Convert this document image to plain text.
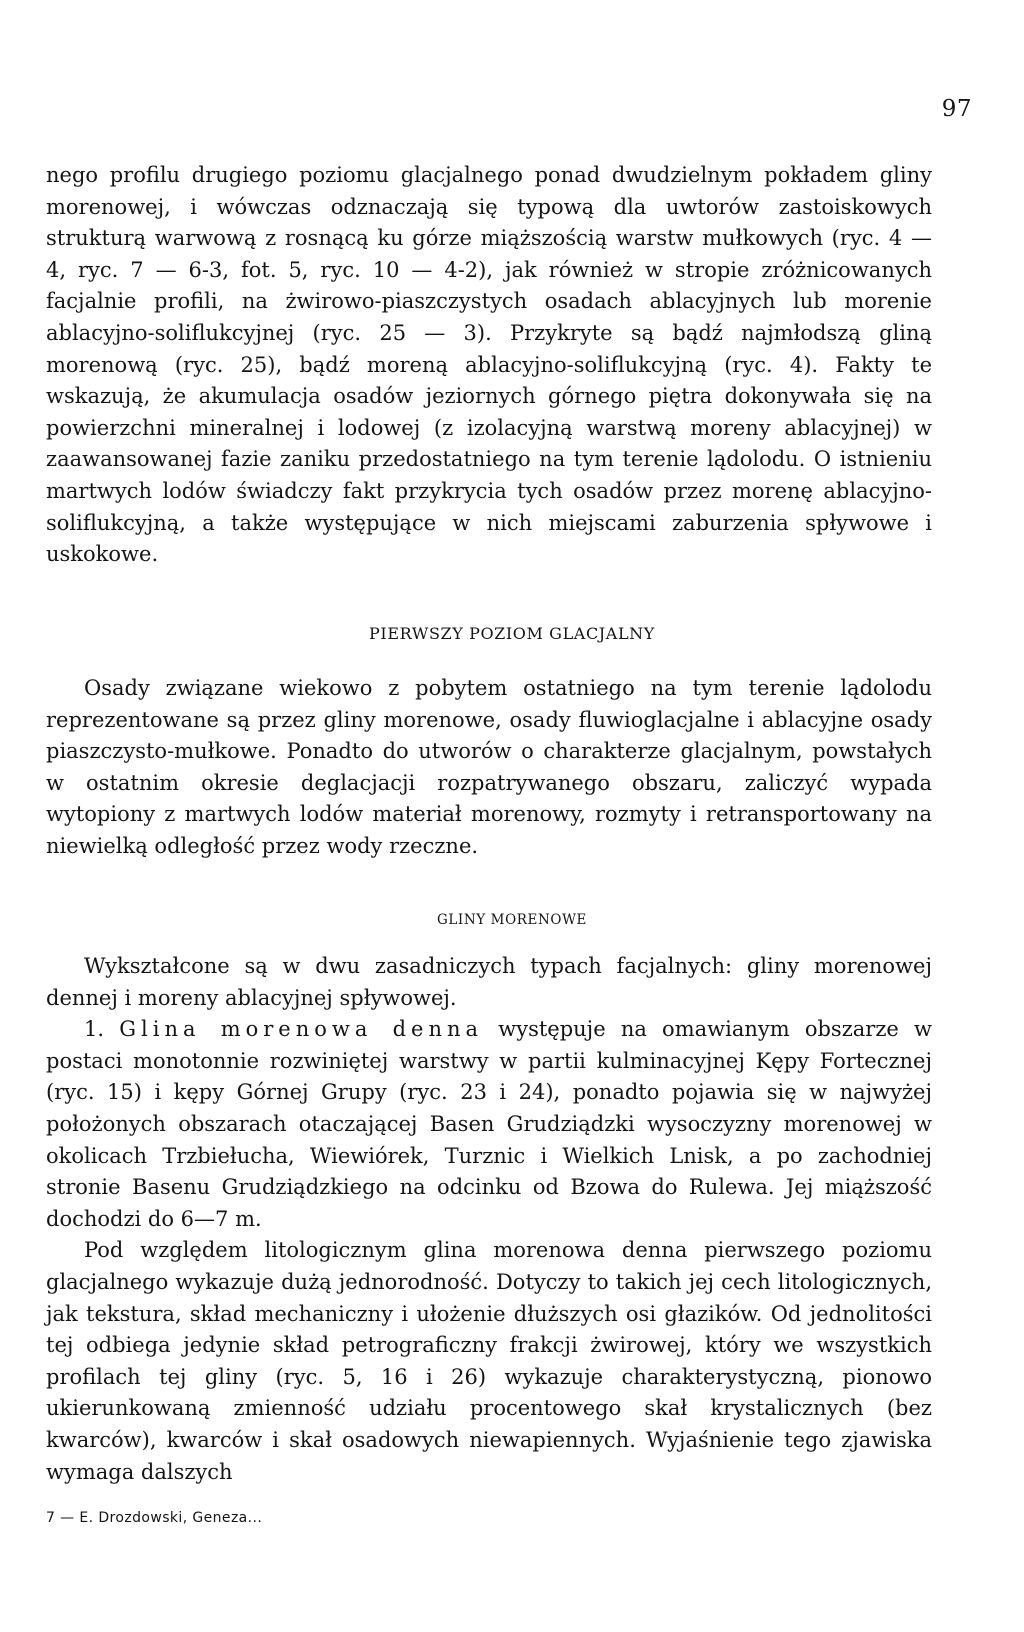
97

nego profilu drugiego poziomu glacjalnego ponad dwudzielnym pokładem gliny morenowej, i wówczas odznaczają się typową dla uwtorów zastoiskowych strukturą warwową z rosnącą ku górze miąższością warstw mułkowych (ryc. 4 — 4, ryc. 7 — 6-3, fot. 5, ryc. 10 — 4-2), jak również w stropie zróżnicowanych facjalnie profili, na żwirowo-piaszczystych osadach ablacyjnych lub morenie ablacyjno-soliflukcyjnej (ryc. 25 — 3). Przykryte są bądź najmłodszą gliną morenową (ryc. 25), bądź moreną ablacyjno-soliflukcyjną (ryc. 4). Fakty te wskazują, że akumulacja osadów jeziornych górnego piętra dokonywała się na powierzchni mineralnej i lodowej (z izolacyjną warstwą moreny ablacyjnej) w zaawansowanej fazie zaniku przedostatniego na tym terenie lądolodu. O istnieniu martwych lodów świadczy fakt przykrycia tych osadów przez morenę ablacyjno-soliflukcyjną, a także występujące w nich miejscami zaburzenia spływowe i uskokowe.

PIERWSZY POZIOM GLACJALNY

Osady związane wiekowo z pobytem ostatniego na tym terenie lądolodu reprezentowane są przez gliny morenowe, osady fluwioglacjalne i ablacyjne osady piaszczysto-mułkowe. Ponadto do utworów o charakterze glacjalnym, powstałych w ostatnim okresie deglacjacji rozpatrywanego obszaru, zaliczyć wypada wytopiony z martwych lodów materiał morenowy, rozmyty i retransportowany na niewielką odległość przez wody rzeczne.

GLINY MORENOWE

Wykształcone są w dwu zasadniczych typach facjalnych: gliny morenowej dennej i moreny ablacyjnej spływowej.

1. Glina morenowa denna występuje na omawianym obszarze w postaci monotonnie rozwiniętej warstwy w partii kulminacyjnej Kępy Fortecznej (ryc. 15) i kępy Górnej Grupy (ryc. 23 i 24), ponadto pojawia się w najwyżej położonych obszarach otaczającej Basen Grudziądzki wysoczyzny morenowej w okolicach Trzbiełucha, Wiewiórek, Turznic i Wielkich Lnisk, a po zachodniej stronie Basenu Grudziądzkiego na odcinku od Bzowa do Rulewa. Jej miąższość dochodzi do 6—7 m.

Pod względem litologicznym glina morenowa denna pierwszego poziomu glacjalnego wykazuje dużą jednorodność. Dotyczy to takich jej cech litologicznych, jak tekstura, skład mechaniczny i ułożenie dłuższych osi głazików. Od jednolitości tej odbiega jedynie skład petrograficzny frakcji żwirowej, który we wszystkich profilach tej gliny (ryc. 5, 16 i 26) wykazuje charakterystyczną, pionowo ukierunkowaną zmienność udziału procentowego skał krystalicznych (bez kwarców), kwarców i skał osadowych niewapiennych. Wyjaśnienie tego zjawiska wymaga dalszych

7 — E. Drozdowski, Geneza...
